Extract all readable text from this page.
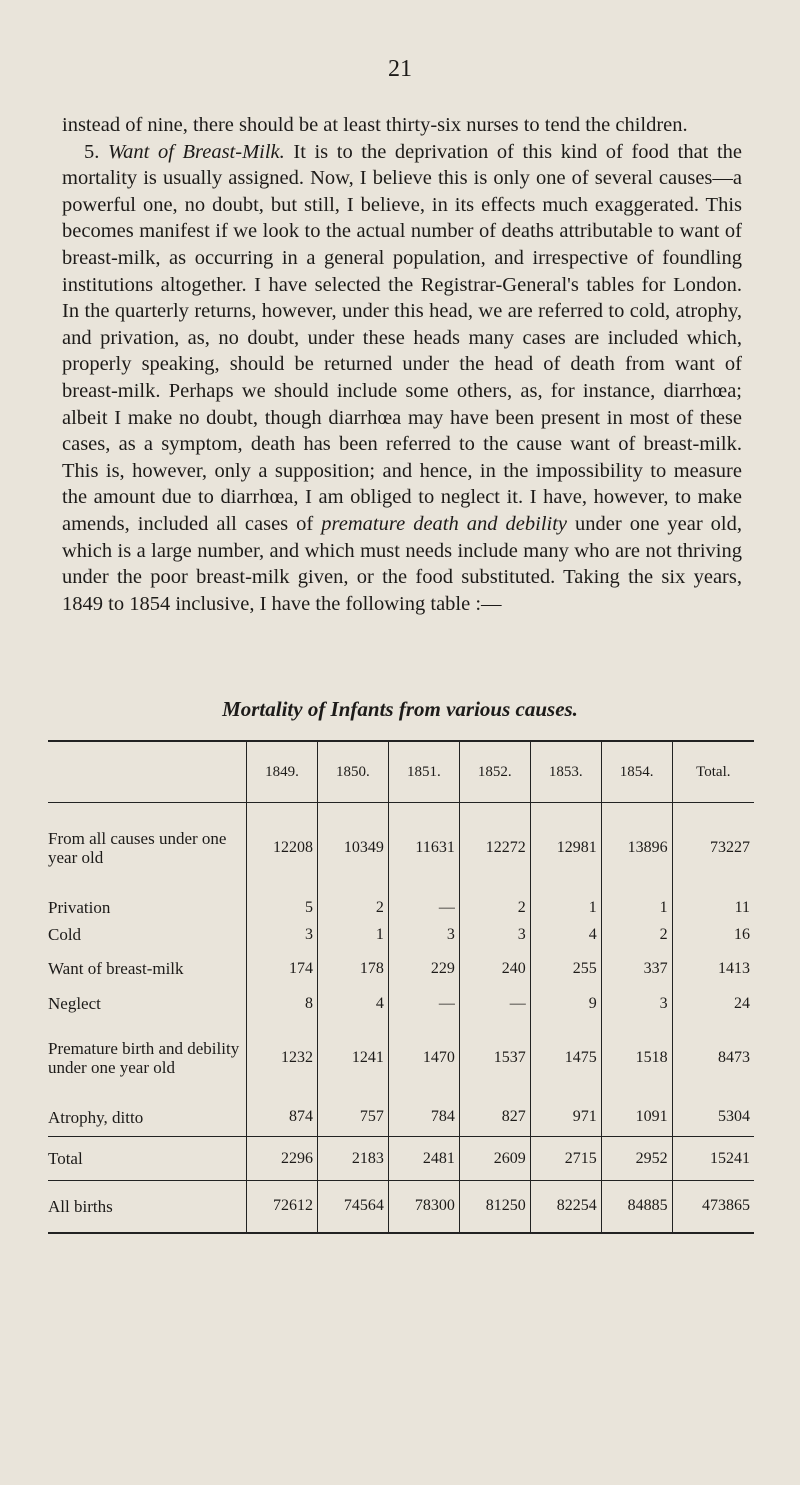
21

instead of nine, there should be at least thirty-six nurses to tend the children.

5. Want of Breast-Milk. It is to the deprivation of this kind of food that the mortality is usually assigned. Now, I believe this is only one of several causes—a powerful one, no doubt, but still, I believe, in its effects much exaggerated. This becomes manifest if we look to the actual number of deaths attributable to want of breast-milk, as occurring in a general population, and irrespective of foundling institutions altogether. I have selected the Registrar-General's tables for London. In the quarterly returns, however, under this head, we are referred to cold, atrophy, and privation, as, no doubt, under these heads many cases are included which, properly speaking, should be returned under the head of death from want of breast-milk. Perhaps we should include some others, as, for instance, diarrhœa; albeit I make no doubt, though diarrhœa may have been present in most of these cases, as a symptom, death has been referred to the cause want of breast-milk. This is, however, only a supposition; and hence, in the impossibility to measure the amount due to diarrhœa, I am obliged to neglect it. I have, however, to make amends, included all cases of premature death and debility under one year old, which is a large number, and which must needs include many who are not thriving under the poor breast-milk given, or the food substituted. Taking the six years, 1849 to 1854 inclusive, I have the following table :—

Mortality of Infants from various causes.
	1849.	1850.	1851.	1852.	1853.	1854.	Total.
From all causes under one year old	12208	10349	11631	12272	12981	13896	73227
Privation	5	2	—	2	1	1	11
Cold	3	1	3	3	4	2	16
Want of breast-milk	174	178	229	240	255	337	1413
Neglect	8	4	—	—	9	3	24
Premature birth and debility under one year old	1232	1241	1470	1537	1475	1518	8473
Atrophy, ditto	874	757	784	827	971	1091	5304
Total	2296	2183	2481	2609	2715	2952	15241
All births	72612	74564	78300	81250	82254	84885	473865
